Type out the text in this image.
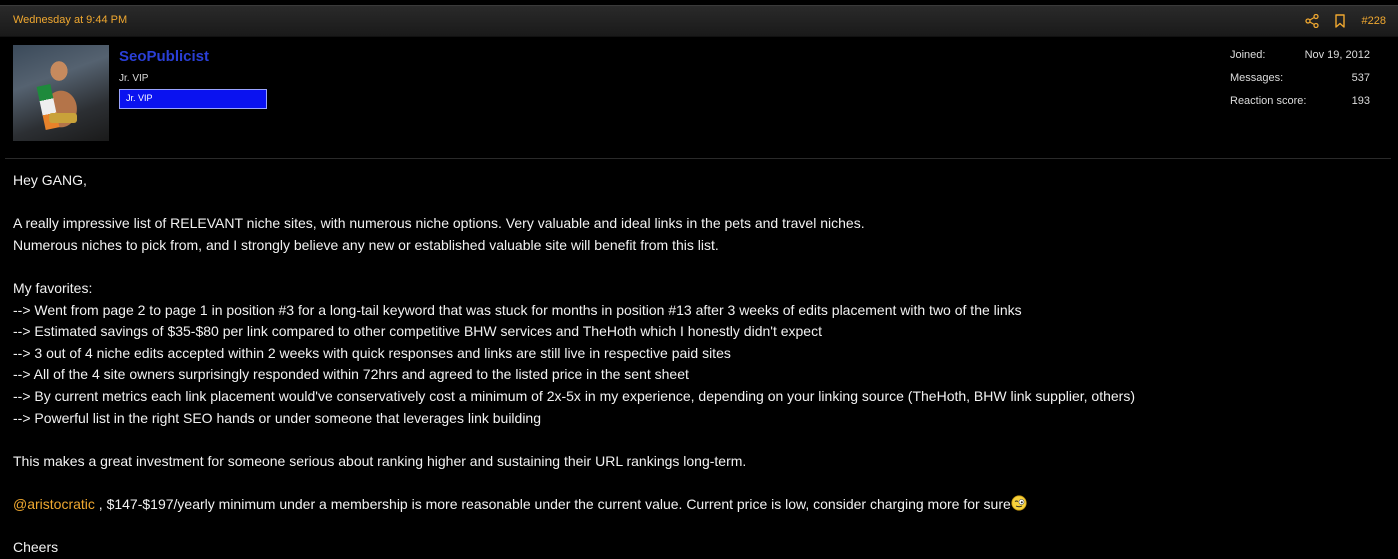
Wednesday at 9:44 PM	#228
SeoPublicist
Jr. VIP
Jr. VIP
Joined:	Nov 19, 2012
Messages:	537
Reaction score:	193

Hey GANG,

A really impressive list of RELEVANT niche sites, with numerous niche options. Very valuable and ideal links in the pets and travel niches.

Numerous niches to pick from, and I strongly believe any new or established valuable site will benefit from this list.

My favorites:

--> Went from page 2 to page 1 in position #3 for a long-tail keyword that was stuck for months in position #13 after 3 weeks of edits placement with two of the links

--> Estimated savings of $35-$80 per link compared to other competitive BHW services and TheHoth which I honestly didn't expect

--> 3 out of 4 niche edits accepted within 2 weeks with quick responses and links are still live in respective paid sites

--> All of the 4 site owners surprisingly responded within 72hrs and agreed to the listed price in the sent sheet

--> By current metrics each link placement would've conservatively cost a minimum of 2x-5x in my experience, depending on your linking source (TheHoth, BHW link supplier, others)

--> Powerful list in the right SEO hands or under someone that leverages link building

This makes a great investment for someone serious about ranking higher and sustaining their URL rankings long-term.

@aristocratic , $147-$197/yearly minimum under a membership is more reasonable under the current value. Current price is low, consider charging more for sure

Cheers
